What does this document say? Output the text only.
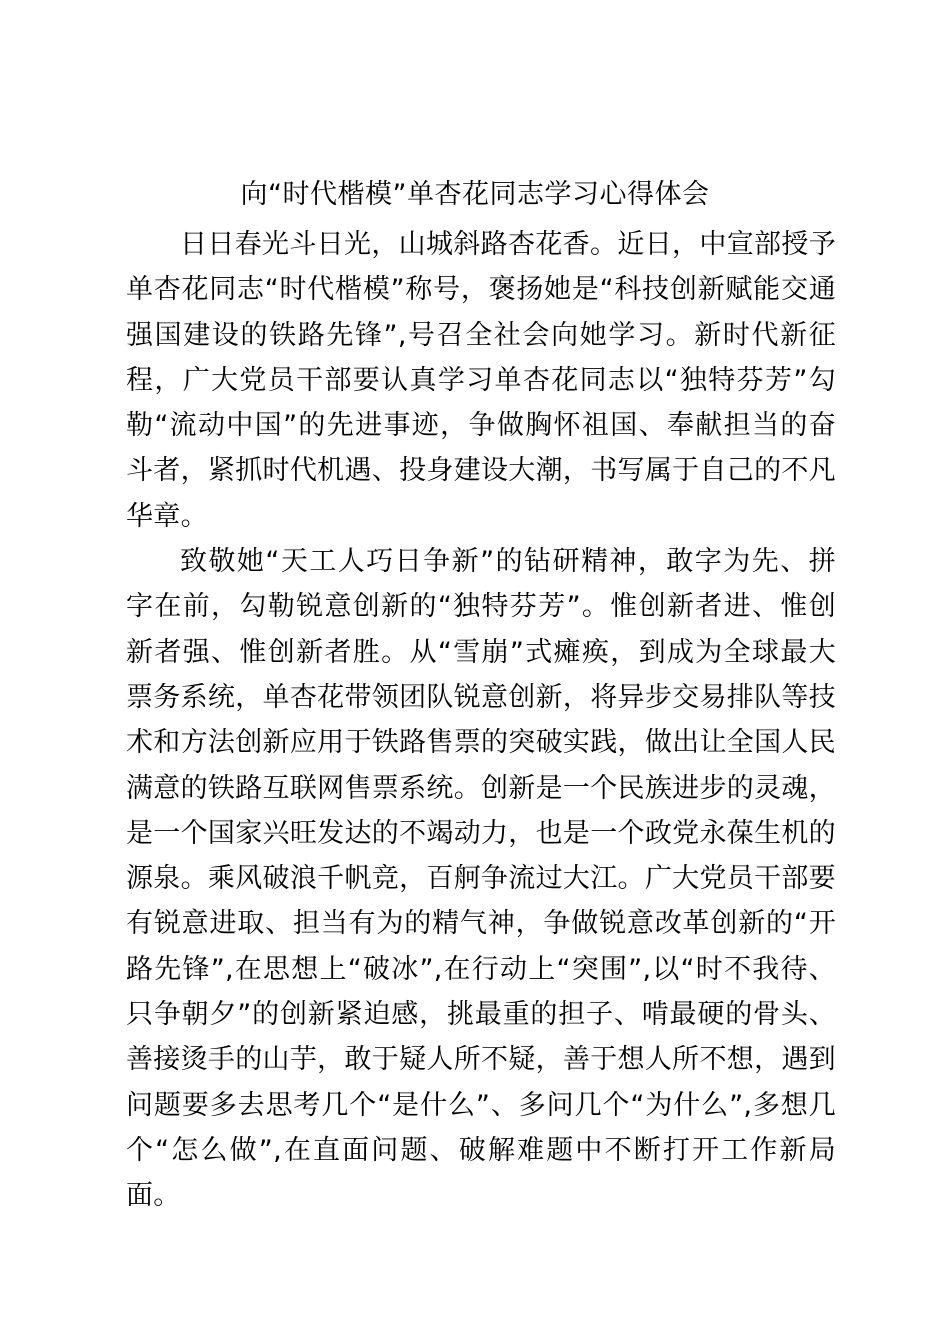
向“时代楷模”单杏花同志学习心得体会

日日春光斗日光，山城斜路杏花香。近日，中宣部授予单杏花同志“时代楷模”称号，褒扬她是“科技创新赋能交通强国建设的铁路先锋”,号召全社会向她学习。新时代新征程，广大党员干部要认真学习单杏花同志以“独特芬芳”勾勒“流动中国”的先进事迹，争做胸怀祖国、奉献担当的奋斗者，紧抓时代机遇、投身建设大潮，书写属于自己的不凡华章。

致敬她“天工人巧日争新”的钻研精神，敢字为先、拼字在前，勾勒锐意创新的“独特芬芳”。惟创新者进、惟创新者强、惟创新者胜。从“雪崩”式瘫痪，到成为全球最大票务系统，单杏花带领团队锐意创新，将异步交易排队等技术和方法创新应用于铁路售票的突破实践，做出让全国人民满意的铁路互联网售票系统。创新是一个民族进步的灵魂，是一个国家兴旺发达的不竭动力，也是一个政党永葆生机的源泉。乘风破浪千帆竞，百舸争流过大江。广大党员干部要有锐意进取、担当有为的精气神，争做锐意改革创新的“开路先锋”,在思想上“破冰”,在行动上“突围”,以“时不我待、只争朝夕”的创新紧迫感，挑最重的担子、啃最硬的骨头、善接烫手的山芋，敢于疑人所不疑，善于想人所不想，遇到问题要多去思考几个“是什么”、多问几个“为什么”,多想几个“怎么做”,在直面问题、破解难题中不断打开工作新局面。
